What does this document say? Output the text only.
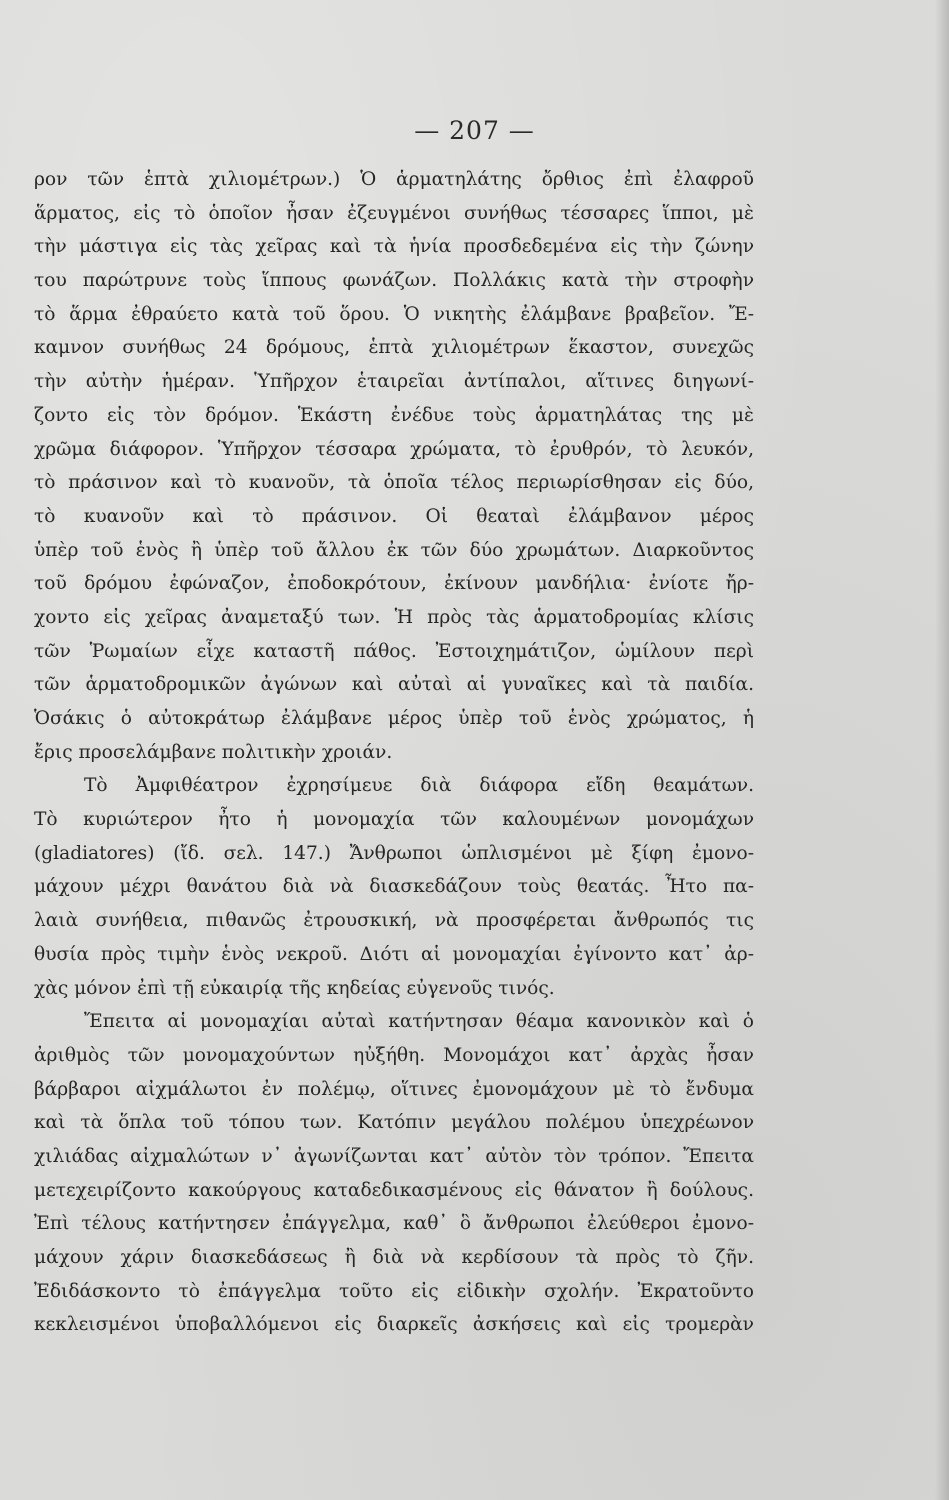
— 207 —
ρον τῶν ἑπτὰ χιλιομέτρων.) Ὁ ἁρματηλάτης ὄρθιος ἐπὶ ἐλαφροῦ
ἅρματος, εἰς τὸ ὁποῖον ἦσαν ἐζευγμένοι συνήθως τέσσαρες ἵπποι, μὲ
τὴν μάστιγα εἰς τὰς χεῖρας καὶ τὰ ἡνία προσδεδεμένα εἰς τὴν ζώνην
του παρώτρυνε τοὺς ἵππους φωνάζων. Πολλάκις κατὰ τὴν στροφὴν
τὸ ἅρμα ἐθραύετο κατὰ τοῦ ὅρου. Ὁ νικητὴς ἐλάμβανε βραβεῖον. Ἔ-
καμνον συνήθως 24 δρόμους, ἑπτὰ χιλιομέτρων ἕκαστον, συνεχῶς
τὴν αὐτὴν ἡμέραν. Ὑπῆρχον ἑταιρεῖαι ἀντίπαλοι, αἵτινες διηγωνί-
ζοντο εἰς τὸν δρόμον. Ἑκάστη ἐνέδυε τοὺς ἁρματηλάτας της μὲ
χρῶμα διάφορον. Ὑπῆρχον τέσσαρα χρώματα, τὸ ἐρυθρόν, τὸ λευκόν,
τὸ πράσινον καὶ τὸ κυανοῦν, τὰ ὁποῖα τέλος περιωρίσθησαν εἰς δύο,
τὸ κυανοῦν καὶ τὸ πράσινον. Οἱ θεαταὶ ἐλάμβανον μέρος
ὑπὲρ τοῦ ἑνὸς ἢ ὑπὲρ τοῦ ἄλλου ἐκ τῶν δύο χρωμάτων. Διαρκοῦντος
τοῦ δρόμου ἐφώναζον, ἐποδοκρότουν, ἐκίνουν μανδήλια· ἐνίοτε ἤρ-
χοντο εἰς χεῖρας ἀναμεταξύ των. Ἡ πρὸς τὰς ἁρματοδρομίας κλίσις
τῶν Ῥωμαίων εἶχε καταστῆ πάθος. Ἐστοιχημάτιζον, ὡμίλουν περὶ
τῶν ἁρματοδρομικῶν ἀγώνων καὶ αὐταὶ αἱ γυναῖκες καὶ τὰ παιδία.
Ὁσάκις ὁ αὐτοκράτωρ ἐλάμβανε μέρος ὑπὲρ τοῦ ἑνὸς χρώματος, ἡ
ἔρις προσελάμβανε πολιτικὴν χροιάν.
Τὸ Ἀμφιθέατρον ἐχρησίμευε διὰ διάφορα εἴδη θεαμάτων.
Τὸ κυριώτερον ἦτο ἡ μονομαχία τῶν καλουμένων μονομάχων
(gladiatores) (ἴδ. σελ. 147.) Ἄνθρωποι ὡπλισμένοι μὲ ξίφη ἐμονο-
μάχουν μέχρι θανάτου διὰ νὰ διασκεδάζουν τοὺς θεατάς. Ἦτο πα-
λαιὰ συνήθεια, πιθανῶς ἐτρουσκική, νὰ προσφέρεται ἄνθρωπός τις
θυσία πρὸς τιμὴν ἑνὸς νεκροῦ. Διότι αἱ μονομαχίαι ἐγίνοντο κατ᾽ ἀρ-
χὰς μόνον ἐπὶ τῇ εὐκαιρίᾳ τῆς κηδείας εὐγενοῦς τινός.
Ἔπειτα αἱ μονομαχίαι αὐταὶ κατήντησαν θέαμα κανονικὸν καὶ ὁ
ἀριθμὸς τῶν μονομαχούντων ηὐξήθη. Μονομάχοι κατ᾽ ἀρχὰς ἦσαν
βάρβαροι αἰχμάλωτοι ἐν πολέμῳ, οἵτινες ἐμονομάχουν μὲ τὸ ἔνδυμα
καὶ τὰ ὅπλα τοῦ τόπου των. Κατόπιν μεγάλου πολέμου ὑπεχρέωνον
χιλιάδας αἰχμαλώτων ν᾽ ἀγωνίζωνται κατ᾽ αὐτὸν τὸν τρόπον. Ἔπειτα
μετεχειρίζοντο κακούργους καταδεδικασμένους εἰς θάνατον ἢ δούλους.
Ἐπὶ τέλους κατήντησεν ἐπάγγελμα, καθ᾽ ὃ ἄνθρωποι ἐλεύθεροι ἐμονο-
μάχουν χάριν διασκεδάσεως ἢ διὰ νὰ κερδίσουν τὰ πρὸς τὸ ζῆν.
Ἐδιδάσκοντο τὸ ἐπάγγελμα τοῦτο εἰς εἰδικὴν σχολήν. Ἐκρατοῦντο
κεκλεισμένοι ὑποβαλλόμενοι εἰς διαρκεῖς ἀσκήσεις καὶ εἰς τρομερὰν
